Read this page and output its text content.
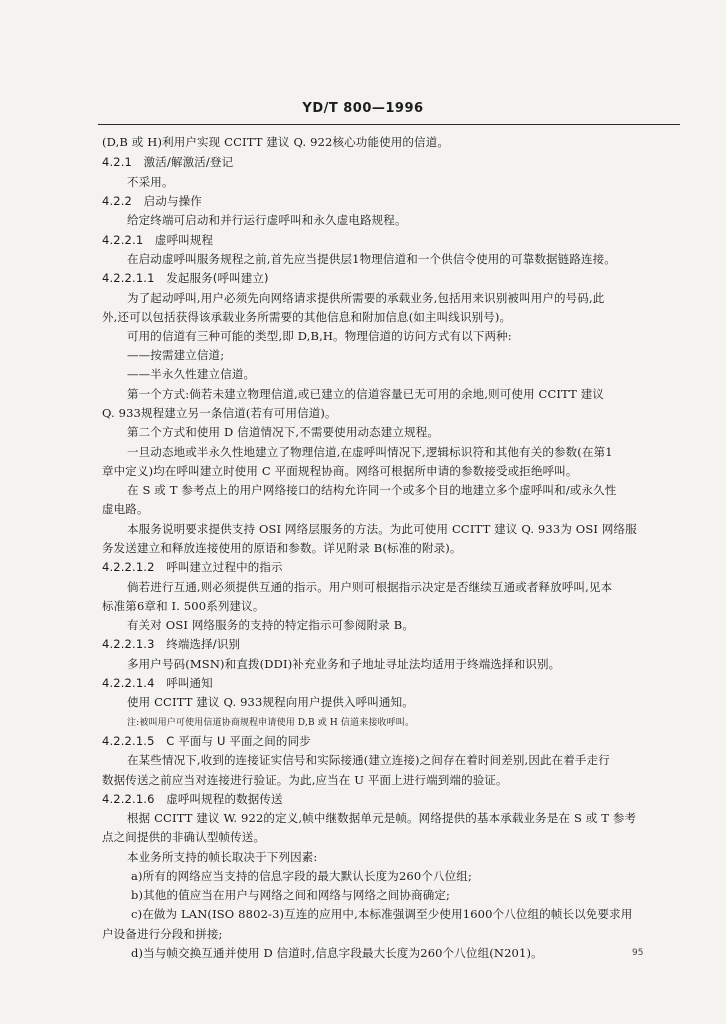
YD/T 800—1996
(D,B 或 H)利用户实现 CCITT 建议 Q. 922核心功能使用的信道。
4.2.1　激活/解激活/登记
不采用。
4.2.2　启动与操作
给定终端可启动和并行运行虚呼叫和永久虚电路规程。
4.2.2.1　虚呼叫规程
在启动虚呼叫服务规程之前,首先应当提供层1物理信道和一个供信令使用的可靠数据链路连接。
4.2.2.1.1　发起服务(呼叫建立)
为了起动呼叫,用户必须先向网络请求提供所需要的承载业务,包括用来识别被叫用户的号码,此
外,还可以包括获得该承载业务所需要的其他信息和附加信息(如主叫线识别号)。
可用的信道有三种可能的类型,即 D,B,H。物理信道的访问方式有以下两种:
——按需建立信道;
——半永久性建立信道。
第一个方式:倘若未建立物理信道,或已建立的信道容量已无可用的余地,则可使用 CCITT 建议
Q. 933规程建立另一条信道(若有可用信道)。
第二个方式和使用 D 信道情况下,不需要使用动态建立规程。
一旦动态地或半永久性地建立了物理信道,在虚呼叫情况下,逻辑标识符和其他有关的参数(在第1
章中定义)均在呼叫建立时使用 C 平面规程协商。网络可根据所申请的参数接受或拒绝呼叫。
在 S 或 T 参考点上的用户网络接口的结构允许同一个或多个目的地建立多个虚呼叫和/或永久性
虚电路。
本服务说明要求提供支持 OSI 网络层服务的方法。为此可使用 CCITT 建议 Q. 933为 OSI 网络服
务发送建立和释放连接使用的原语和参数。详见附录 B(标准的附录)。
4.2.2.1.2　呼叫建立过程中的指示
倘若进行互通,则必须提供互通的指示。用户则可根据指示决定是否继续互通或者释放呼叫,见本
标准第6章和 I. 500系列建议。
有关对 OSI 网络服务的支持的特定指示可参阅附录 B。
4.2.2.1.3　终端选择/识别
多用户号码(MSN)和直拨(DDI)补充业务和子地址寻址法均适用于终端选择和识别。
4.2.2.1.4　呼叫通知
使用 CCITT 建议 Q. 933规程向用户提供入呼叫通知。
注:被叫用户可使用信道协商规程申请使用 D,B 或 H 信道来接收呼叫。
4.2.2.1.5　C 平面与 U 平面之间的同步
在某些情况下,收到的连接证实信号和实际接通(建立连接)之间存在着时间差别,因此在着手走行
数据传送之前应当对连接进行验证。为此,应当在 U 平面上进行端到端的验证。
4.2.2.1.6　虚呼叫规程的数据传送
根据 CCITT 建议 W. 922的定义,帧中继数据单元是帧。网络提供的基本承载业务是在 S 或 T 参考
点之间提供的非确认型帧传送。
本业务所支持的帧长取决于下列因素:
a)所有的网络应当支持的信息字段的最大默认长度为260个八位组;
b)其他的值应当在用户与网络之间和网络与网络之间协商确定;
c)在做为 LAN(ISO 8802-3)互连的应用中,本标准强调至少使用1600个八位组的帧长以免要求用
户设备进行分段和拼接;
d)当与帧交换互通并使用 D 信道时,信息字段最大长度为260个八位组(N201)。	95
